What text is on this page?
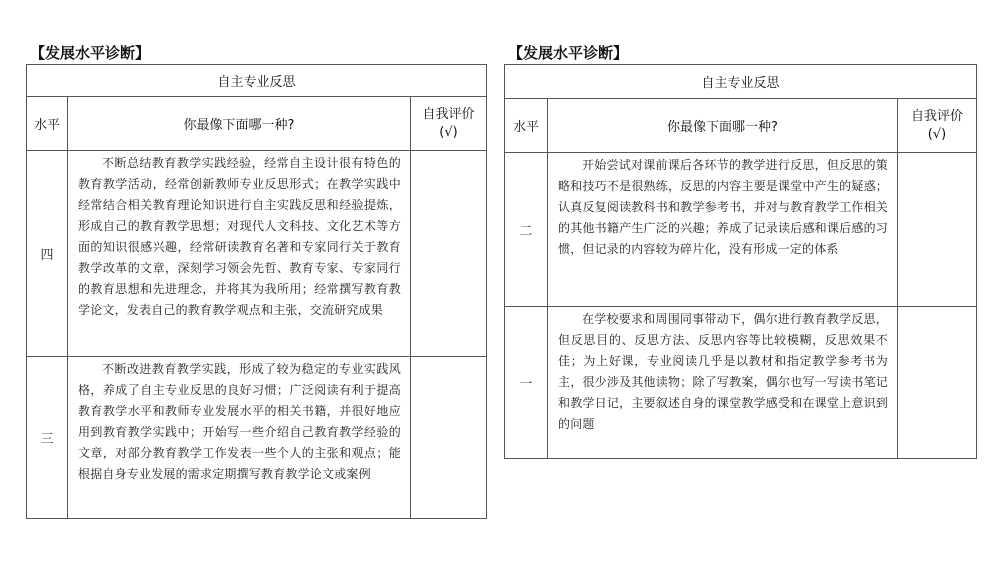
【发展水平诊断】
自主专业反思		
水平	你最像下面哪一种?	自我评价
(√)

四	不断总结教育教学实践经验，经常自主设计很有特色的教育教学活动，经常创新教师专业反思形式；在教学实践中经常结合相关教育理论知识进行自主实践反思和经验提炼，形成自己的教育教学思想；对现代人文科技、文化艺术等方面的知识很感兴趣，经常研读教育名著和专家同行关于教育教学改革的文章，深刻学习领会先哲、教育专家、专家同行的教育思想和先进理念，并将其为我所用；经常撰写教育教学论文，发表自己的教育教学观点和主张，交流研究成果	
三	不断改进教育教学实践，形成了较为稳定的专业实践风格，养成了自主专业反思的良好习惯；广泛阅读有利于提高教育教学水平和教师专业发展水平的相关书籍，并很好地应用到教育教学实践中；开始写一些介绍自己教育教学经验的文章，对部分教育教学工作发表一些个人的主张和观点；能根据自身专业发展的需求定期撰写教育教学论文或案例	
【发展水平诊断】
自主专业反思		
水平	你最像下面哪一种?	自我评价
(√)

二	开始尝试对课前课后各环节的教学进行反思，但反思的策略和技巧不是很熟练，反思的内容主要是课堂中产生的疑惑；认真反复阅读教科书和教学参考书，并对与教育教学工作相关的其他书籍产生广泛的兴趣；养成了记录读后感和课后感的习惯，但记录的内容较为碎片化，没有形成一定的体系	
一	在学校要求和周围同事带动下，偶尔进行教育教学反思，但反思目的、反思方法、反思内容等比较模糊，反思效果不佳；为上好课，专业阅读几乎是以教材和指定教学参考书为主，很少涉及其他读物；除了写教案，偶尔也写一写读书笔记和教学日记，主要叙述自身的课堂教学感受和在课堂上意识到的问题	
